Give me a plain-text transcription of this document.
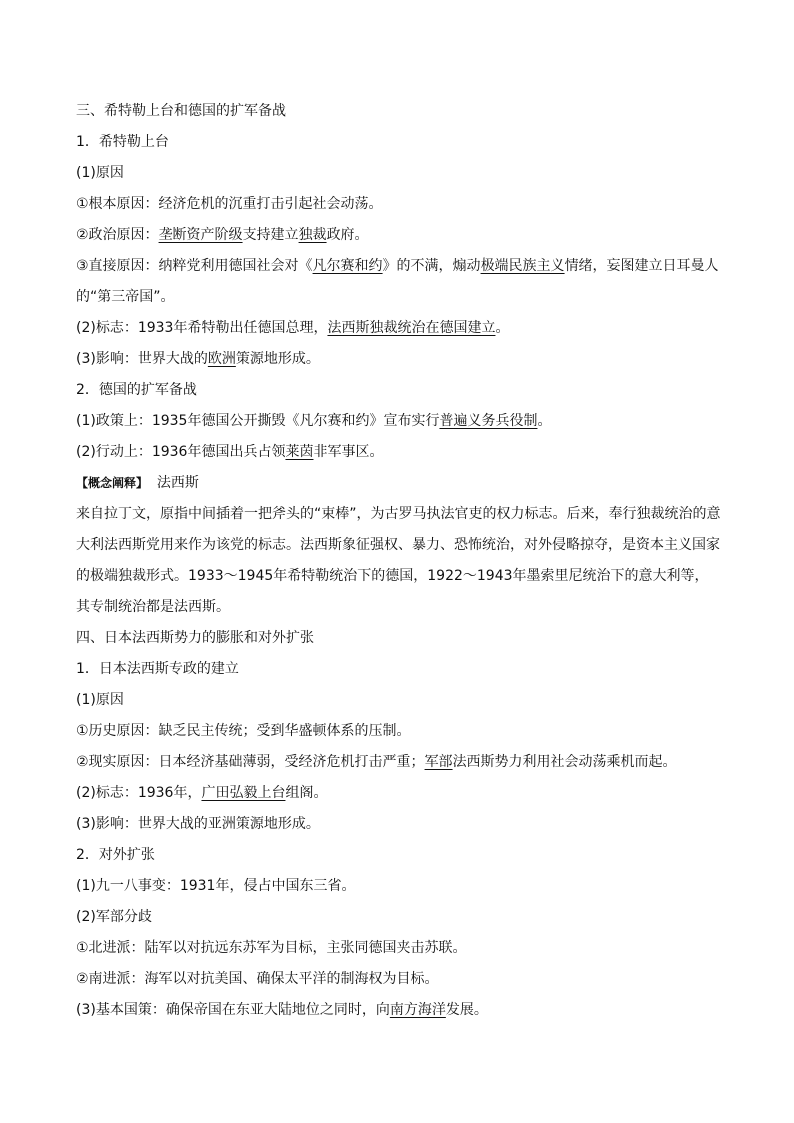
三、希特勒上台和德国的扩军备战
1．希特勒上台
(1)原因
①根本原因：经济危机的沉重打击引起社会动荡。
②政治原因：垄断资产阶级支持建立独裁政府。
③直接原因：纳粹党利用德国社会对《凡尔赛和约》的不满，煽动极端民族主义情绪，妄图建立日耳曼人的“第三帝国”。
(2)标志：1933年希特勒出任德国总理，法西斯独裁统治在德国建立。
(3)影响：世界大战的欧洲策源地形成。
2．德国的扩军备战
(1)政策上：1935年德国公开撕毁《凡尔赛和约》宣布实行普遍义务兵役制。
(2)行动上：1936年德国出兵占领莱茵非军事区。
【概念阐释】 法西斯
来自拉丁文，原指中间插着一把斧头的“束棒”，为古罗马执法官吏的权力标志。后来，奉行独裁统治的意大利法西斯党用来作为该党的标志。法西斯象征强权、暴力、恐怖统治，对外侵略掠夺，是资本主义国家的极端独裁形式。1933～1945年希特勒统治下的德国，1922～1943年墨索里尼统治下的意大利等，其专制统治都是法西斯。
四、日本法西斯势力的膨胀和对外扩张
1．日本法西斯专政的建立
(1)原因
①历史原因：缺乏民主传统；受到华盛顿体系的压制。
②现实原因：日本经济基础薄弱，受经济危机打击严重；军部法西斯势力利用社会动荡乘机而起。
(2)标志：1936年，广田弘毅上台组阁。
(3)影响：世界大战的亚洲策源地形成。
2．对外扩张
(1)九一八事变：1931年，侵占中国东三省。
(2)军部分歧
①北进派：陆军以对抗远东苏军为目标，主张同德国夹击苏联。
②南进派：海军以对抗美国、确保太平洋的制海权为目标。
(3)基本国策：确保帝国在东亚大陆地位之同时，向南方海洋发展。
